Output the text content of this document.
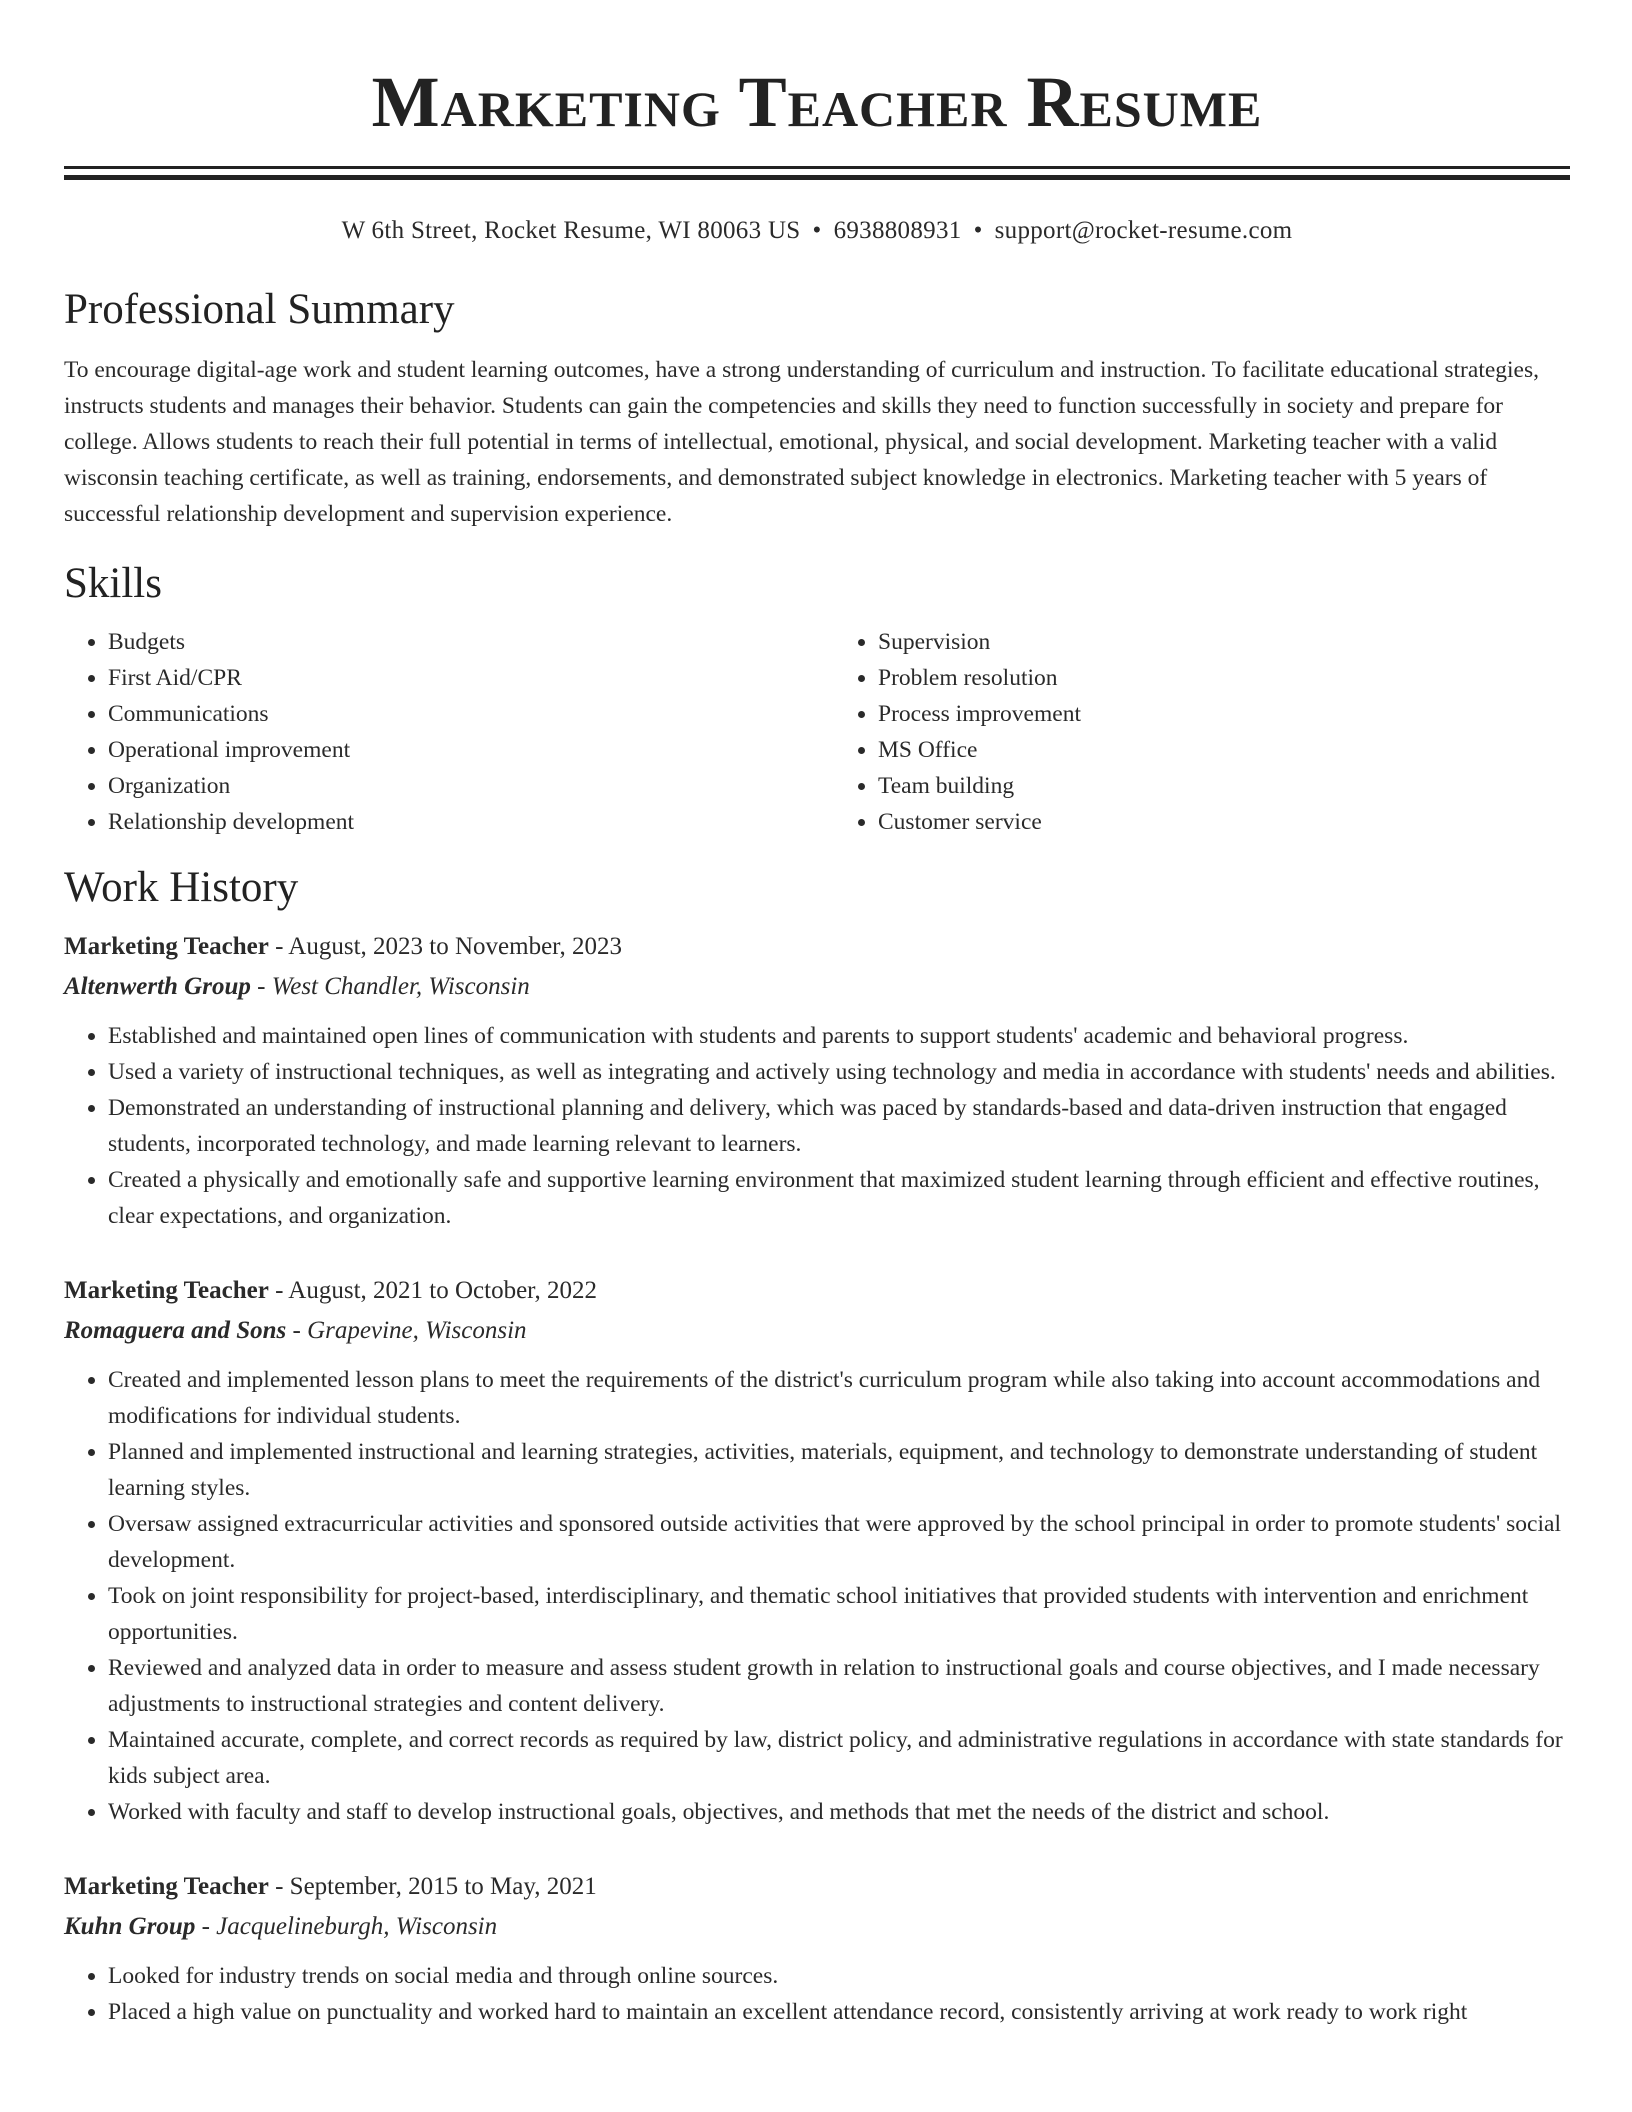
Marketing Teacher Resume
W 6th Street, Rocket Resume, WI 80063 US • 6938808931 • support@rocket-resume.com
Professional Summary

To encourage digital-age work and student learning outcomes, have a strong understanding of curriculum and instruction. To facilitate educational strategies, instructs students and manages their behavior. Students can gain the competencies and skills they need to function successfully in society and prepare for college. Allows students to reach their full potential in terms of intellectual, emotional, physical, and social development. Marketing teacher with a valid wisconsin teaching certificate, as well as training, endorsements, and demonstrated subject knowledge in electronics. Marketing teacher with 5 years of successful relationship development and supervision experience.

Skills
• Budgets
• First Aid/CPR
• Communications
• Operational improvement
• Organization
• Relationship development
• Supervision
• Problem resolution
• Process improvement
• MS Office
• Team building
• Customer service
Work History
Marketing Teacher - August, 2023 to November, 2023
Altenwerth Group - West Chandler, Wisconsin
• Established and maintained open lines of communication with students and parents to support students' academic and behavioral progress.
• Used a variety of instructional techniques, as well as integrating and actively using technology and media in accordance with students' needs and abilities.
• Demonstrated an understanding of instructional planning and delivery, which was paced by standards-based and data-driven instruction that engaged students, incorporated technology, and made learning relevant to learners.
• Created a physically and emotionally safe and supportive learning environment that maximized student learning through efficient and effective routines, clear expectations, and organization.
Marketing Teacher - August, 2021 to October, 2022
Romaguera and Sons - Grapevine, Wisconsin
• Created and implemented lesson plans to meet the requirements of the district's curriculum program while also taking into account accommodations and modifications for individual students.
• Planned and implemented instructional and learning strategies, activities, materials, equipment, and technology to demonstrate understanding of student learning styles.
• Oversaw assigned extracurricular activities and sponsored outside activities that were approved by the school principal in order to promote students' social development.
• Took on joint responsibility for project-based, interdisciplinary, and thematic school initiatives that provided students with intervention and enrichment opportunities.
• Reviewed and analyzed data in order to measure and assess student growth in relation to instructional goals and course objectives, and I made necessary adjustments to instructional strategies and content delivery.
• Maintained accurate, complete, and correct records as required by law, district policy, and administrative regulations in accordance with state standards for kids subject area.
• Worked with faculty and staff to develop instructional goals, objectives, and methods that met the needs of the district and school.
Marketing Teacher - September, 2015 to May, 2021
Kuhn Group - Jacquelineburgh, Wisconsin
• Looked for industry trends on social media and through online sources.
• Placed a high value on punctuality and worked hard to maintain an excellent attendance record, consistently arriving at work ready to work right
